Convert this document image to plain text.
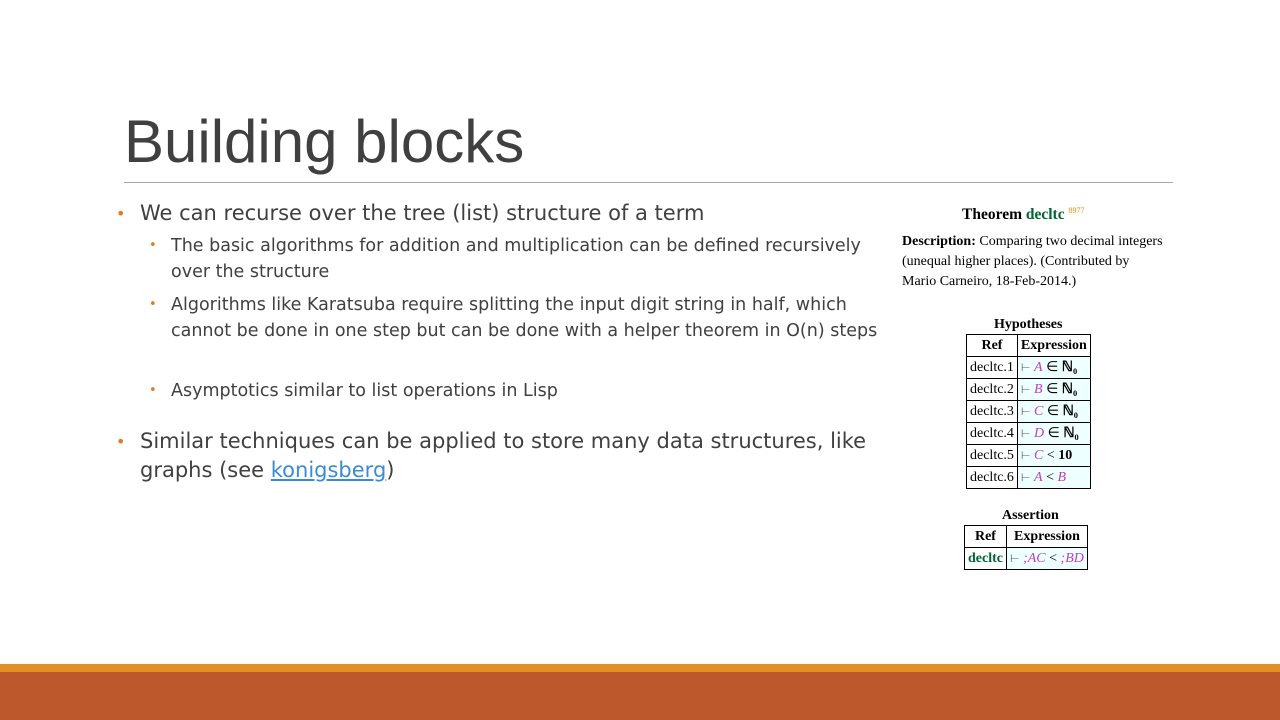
Building blocks

• We can recurse over the tree (list) structure of a term

• The basic algorithms for addition and multiplication can be defined recursively over the structure

• Algorithms like Karatsuba require splitting the input digit string in half, which cannot be done in one step but can be done with a helper theorem in O(n) steps

• Asymptotics similar to list operations in Lisp

• Similar techniques can be applied to store many data structures, like graphs (see konigsberg)

Theorem decltc $^{8977}$
Description: Comparing two decimal integers (unequal higher places). (Contributed by Mario Carneiro, 18-Feb-2014.)
Hypotheses
Ref	Expression
decltc.1	⊢ A ∈ ℕ₀
decltc.2	⊢ B ∈ ℕ₀
decltc.3	⊢ C ∈ ℕ₀
decltc.4	⊢ D ∈ ℕ₀
decltc.5	⊢ C < 10
decltc.6	⊢ A < B
Assertion
Ref	Expression
decltc	⊢ ;AC < ;BD
